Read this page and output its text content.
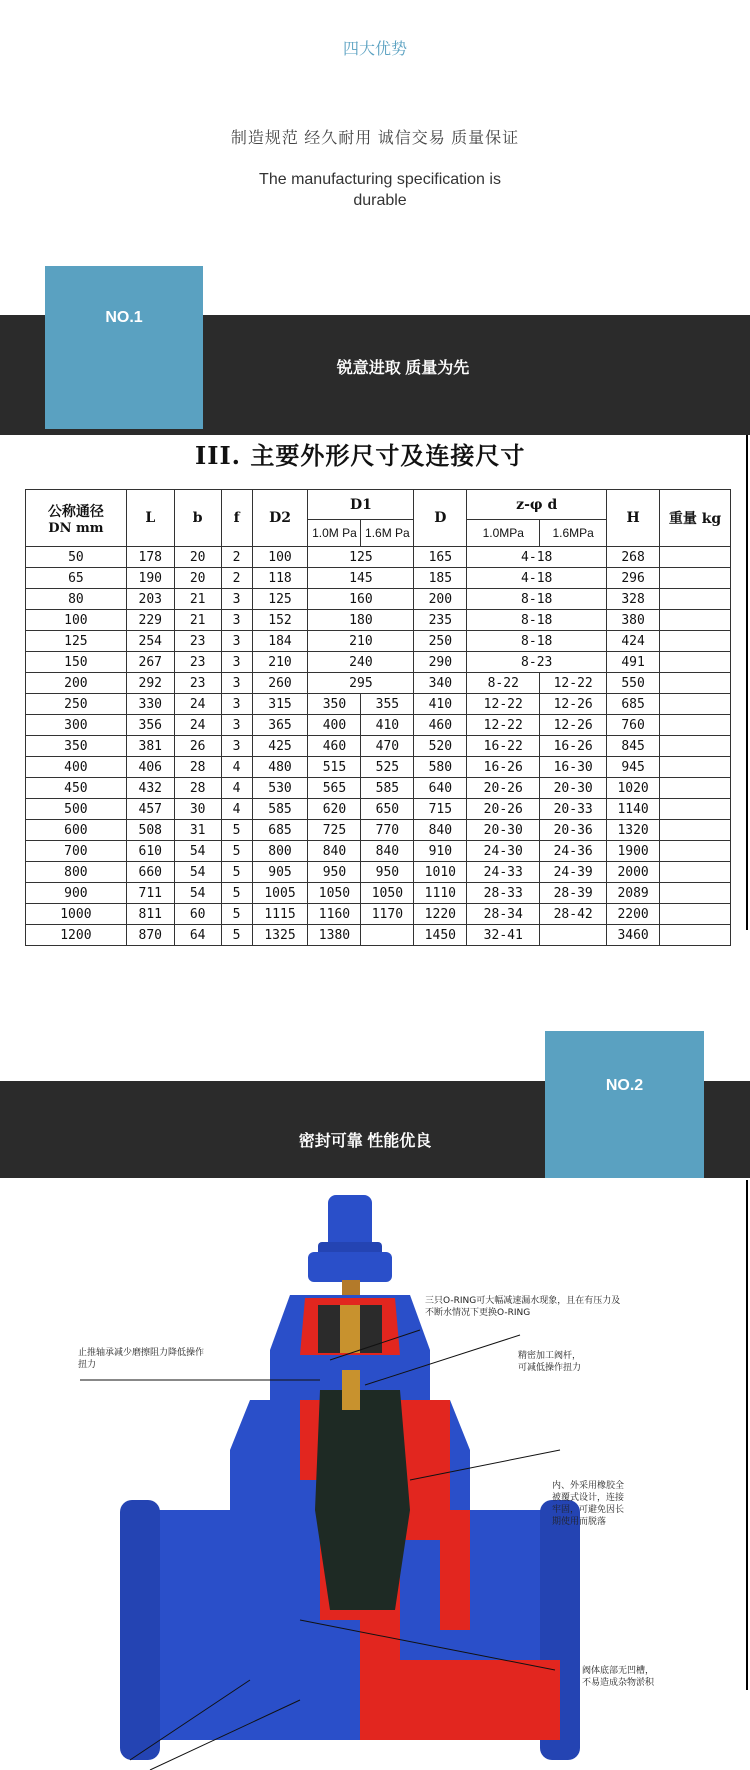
四大优势
制造规范 经久耐用 诚信交易 质量保证
The manufacturing specification is durable
NO.1
锐意进取 质量为先
III. 主要外形尺寸及连接尺寸
公称通径
DN mm	L	b	f	D2	D1		D	z-φ d		H	重量 kg
					1.0M Pa	1.6M Pa		1.0MPa	1.6MPa		
50	178	20	2	100	125		165	4-18		268	
65	190	20	2	118	145		185	4-18		296	
80	203	21	3	125	160		200	8-18		328	
100	229	21	3	152	180		235	8-18		380	
125	254	23	3	184	210		250	8-18		424	
150	267	23	3	210	240		290	8-23		491	
200	292	23	3	260	295		340	8-22	12-22	550	
250	330	24	3	315	350	355	410	12-22	12-26	685	
300	356	24	3	365	400	410	460	12-22	12-26	760	
350	381	26	3	425	460	470	520	16-22	16-26	845	
400	406	28	4	480	515	525	580	16-26	16-30	945	
450	432	28	4	530	565	585	640	20-26	20-30	1020	
500	457	30	4	585	620	650	715	20-26	20-33	1140	
600	508	31	5	685	725	770	840	20-30	20-36	1320	
700	610	54	5	800	840	840	910	24-30	24-36	1900	
800	660	54	5	905	950	950	1010	24-33	24-39	2000	
900	711	54	5	1005	1050	1050	1110	28-33	28-39	2089	
1000	811	60	5	1115	1160	1170	1220	28-34	28-42	2200	
1200	870	64	5	1325	1380		1450	32-41		3460	
NO.2
密封可靠 性能优良
三只O-RING可大幅减速漏水现象，且在有压力及不断水情况下更换O-RING
止推轴承减少磨擦阻力降低操作扭力
精密加工阀杆，可减低操作扭力
内、外采用橡胶全被覆式设计，连接牢固，可避免因长期使用而脱落
阀体底部无凹槽，不易造成杂物淤积
